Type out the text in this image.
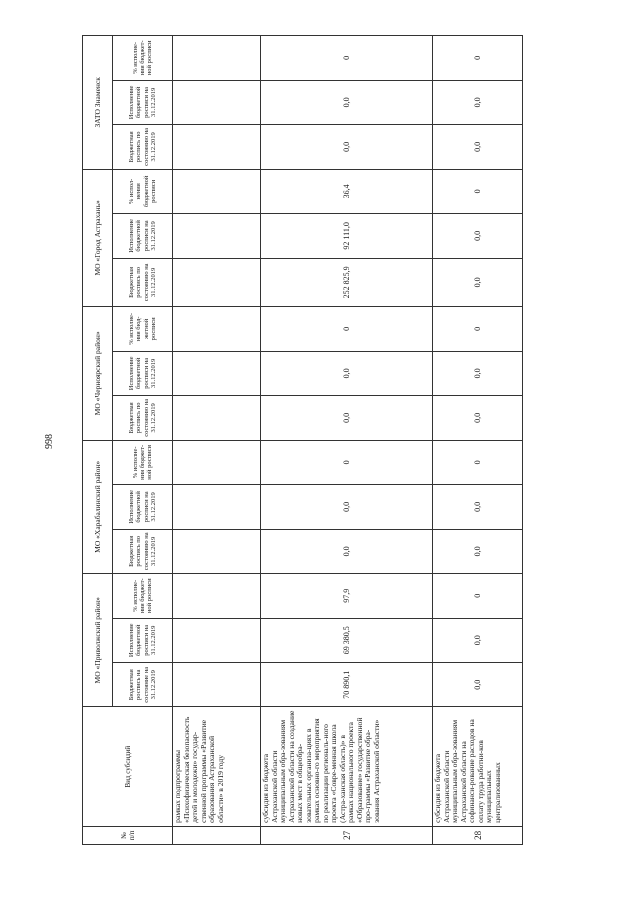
998
№ п/п	Вид субсидий	МО «Приволжский район»			МО «Харабалинский район»			МО «Черноярский район»			МО «Город Астрахань»			ЗАТО Знаменск		
		Бюджетная роспись на состояние на 31.12.2019	Исполнение бюджетной росписи на 31.12.2019	% исполне-ния бюджет-ной росписи	Бюджетная роспись по состоянию на 31.12.2019	Исполнение бюджетной росписи на 31.12.2019	% исполне-ния бюджет-ной росписи	Бюджетная роспись по состоянию на 31.12.2019	Исполнение бюджетной росписи на 31.12.2019	% исполне-ния бюд-жетной росписи	Бюджетная роспись по состоянию на 31.12.2019	Исполнение бюджетной росписи на 31.12.2019	% испол-нения бюджетной росписи	Бюджетная роспись по состоянию на 31.12.2019	Исполнение бюджетной росписи на 31.12.2019	% исполне-ния бюджет-ной росписи
	рамках подпрограммы «Психофизическая безопасность детей и молодежи» государ-ственной программы «Развитие образования Астраханской области» в 2019 году															
27	субсидия из бюджета Астраханской области муниципальным обра-зованиям Астраханской области на создание новых мест в общеобра-зовательных организа-циях в рамках основно-го мероприятия по реализации региональ-ного проекта «Совре-менная школа (Астра-ханская область)» в рамках национального проекта «Образование» государственной про-граммы «Развитие обра-зования Астраханской области»	70 890,1	69 380,5	97,9	0,0	0,0	0	0,0	0,0	0	252 825,9	92 111,0	36,4	0,0	0,0	0
28	субсидия из бюджета Астраханской области муниципальным обра-зованиям Астраханской области на софинанси-рование расходов на оплату труда работни-ков муниципальных централизованных	0,0	0,0	0	0,0	0,0	0	0,0	0,0	0	0,0	0,0	0	0,0	0,0	0
